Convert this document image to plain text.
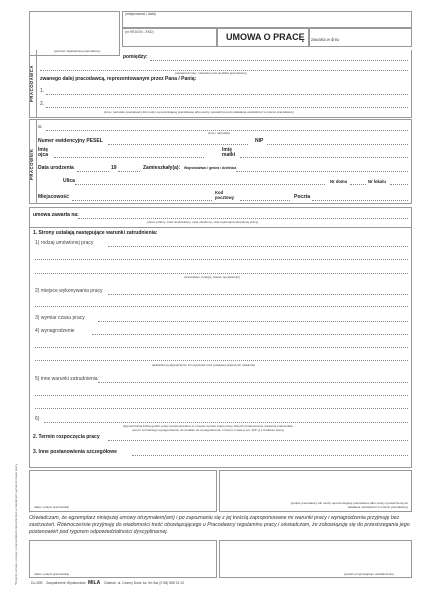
(pieczęć nagłówkowa pracodawcy)
(miejscowość i data)
(nr REGON - EKD)	UMOWA O PRACĘ zawarta w dniu
PRACODAWCA
pomiędzy:
(nazwa lub imię i nazwisko oraz siedziba pracodawcy)
zwanego dalej pracodawcą, reprezentowanym przez Pana / Panią:
1.
2.
(imię i nazwisko pracodawcy lub osoby reprezentującej pracodawcę albo osoby upoważnionej do składania oświadczeń w imieniu pracodawcy)
PRACOWNIK
a:
(imię i nazwisko)
Numer ewidencyjny PESEL	NIP
Imię ojca
Imię matki
Data urodzenia	19	Zamieszkały(a): Województwo / gmina / dzielnica
Ulica	Nr domu	Nr lokalu
Miejscowość
Kod pocztowy	Poczta
umowa zawarta na:
(okres próbny, czas nieokreślony, czas określony, czas wykonania określonej pracy)
1. Strony ustalają następujące warunki zatrudnienia:
1) rodzaj umówionej pracy
(stanowisko, funkcja, zawód, specjalność)
2) miejsce wykonywania pracy
3) wymiar czasu pracy
4) wynagrodzenie
(składniki wynagrodzenia i ich wysokość oraz podstawa prawna ich ustalenia)
5) inne warunki zatrudnienia
6)
(dopuszczalna liczba godzin pracy ponad określony w umowie wymiar czasu pracy, których przekroczenie uprawnia pracownika, oprócz normalnego wynagrodzenia, do dodatku do wynagrodzenia, o którym mowa w art. 151¹ § 1 Kodeksu pracy)
2. Termin rozpoczęcia pracy
3. Inne postanowienia szczegółowe
(data i podpis pracownika)
(podpis pracodawcy lub osoby reprezentującej pracodawcę albo osoby upoważnionej do składania oświadczeń w imieniu pracodawcy)
Oświadczam, że egzemplarz niniejszej umowy otrzymałem(am) i po zapoznaniu się z jej treścią zaproponowane mi warunki pracy i wynagrodzenia przyjmuję bez zastrzeżeń. Równocześnie przyjmuję do wiadomości treść obowiązującego u Pracodawcy regulaminu pracy i oświadczam, że zobowiązuję się do przestrzegania jego postanowień pod rygorem odpowiedzialności dyscyplinarnej.
(data i podpis pracownika)	(podpis przyjmującego oświadczenie)
*Dotyczy umowy o pracę z pracownikiem zatrudnionym w niepełnym wymiarze czasu pracy	Do-30B Zaopatrzenie Wydawnictw MiLA Gdańsk, ul. Czarny Dwór 4a, tel./fax (0 58) 558 31 02
